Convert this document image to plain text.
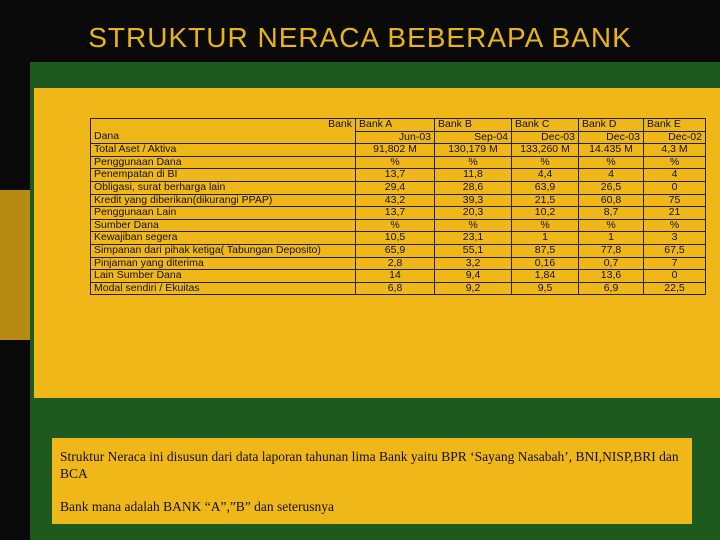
STRUKTUR NERACA BEBERAPA BANK
Bank	Bank A	Bank B	Bank C	Bank D	Bank E
Dana	Jun-03	Sep-04	Dec-03	Dec-03	Dec-02
Total Aset / Aktiva	91,802 M	130,179 M	133,260 M	14.435 M	4,3 M
Penggunaan Dana	%	%	%	%	%
Penempatan di BI	13,7	11,8	4,4	4	4
Obligasi, surat berharga lain	29,4	28,6	63,9	26,5	0
Kredit yang diberikan(dikurangi PPAP)	43,2	39,3	21,5	60,8	75
Penggunaan Lain	13,7	20,3	10,2	8,7	21
Sumber Dana	%	%	%	%	%
Kewajiban segera	10,5	23,1	1	1	3
Simpanan dari pihak ketiga( Tabungan Deposito)	65,9	55,1	87,5	77,8	67,5
Pinjaman yang diterima	2,8	3,2	0,16	0,7	7
Lain Sumber Dana	14	9,4	1,84	13,6	0
Modal sendiri / Ekuitas	6,8	9,2	9,5	6,9	22,5

Struktur Neraca ini disusun dari data laporan tahunan lima Bank yaitu BPR ‘Sayang Nasabah’, BNI,NISP,BRI dan BCA

Bank mana adalah BANK “A”,”B” dan seterusnya	1
